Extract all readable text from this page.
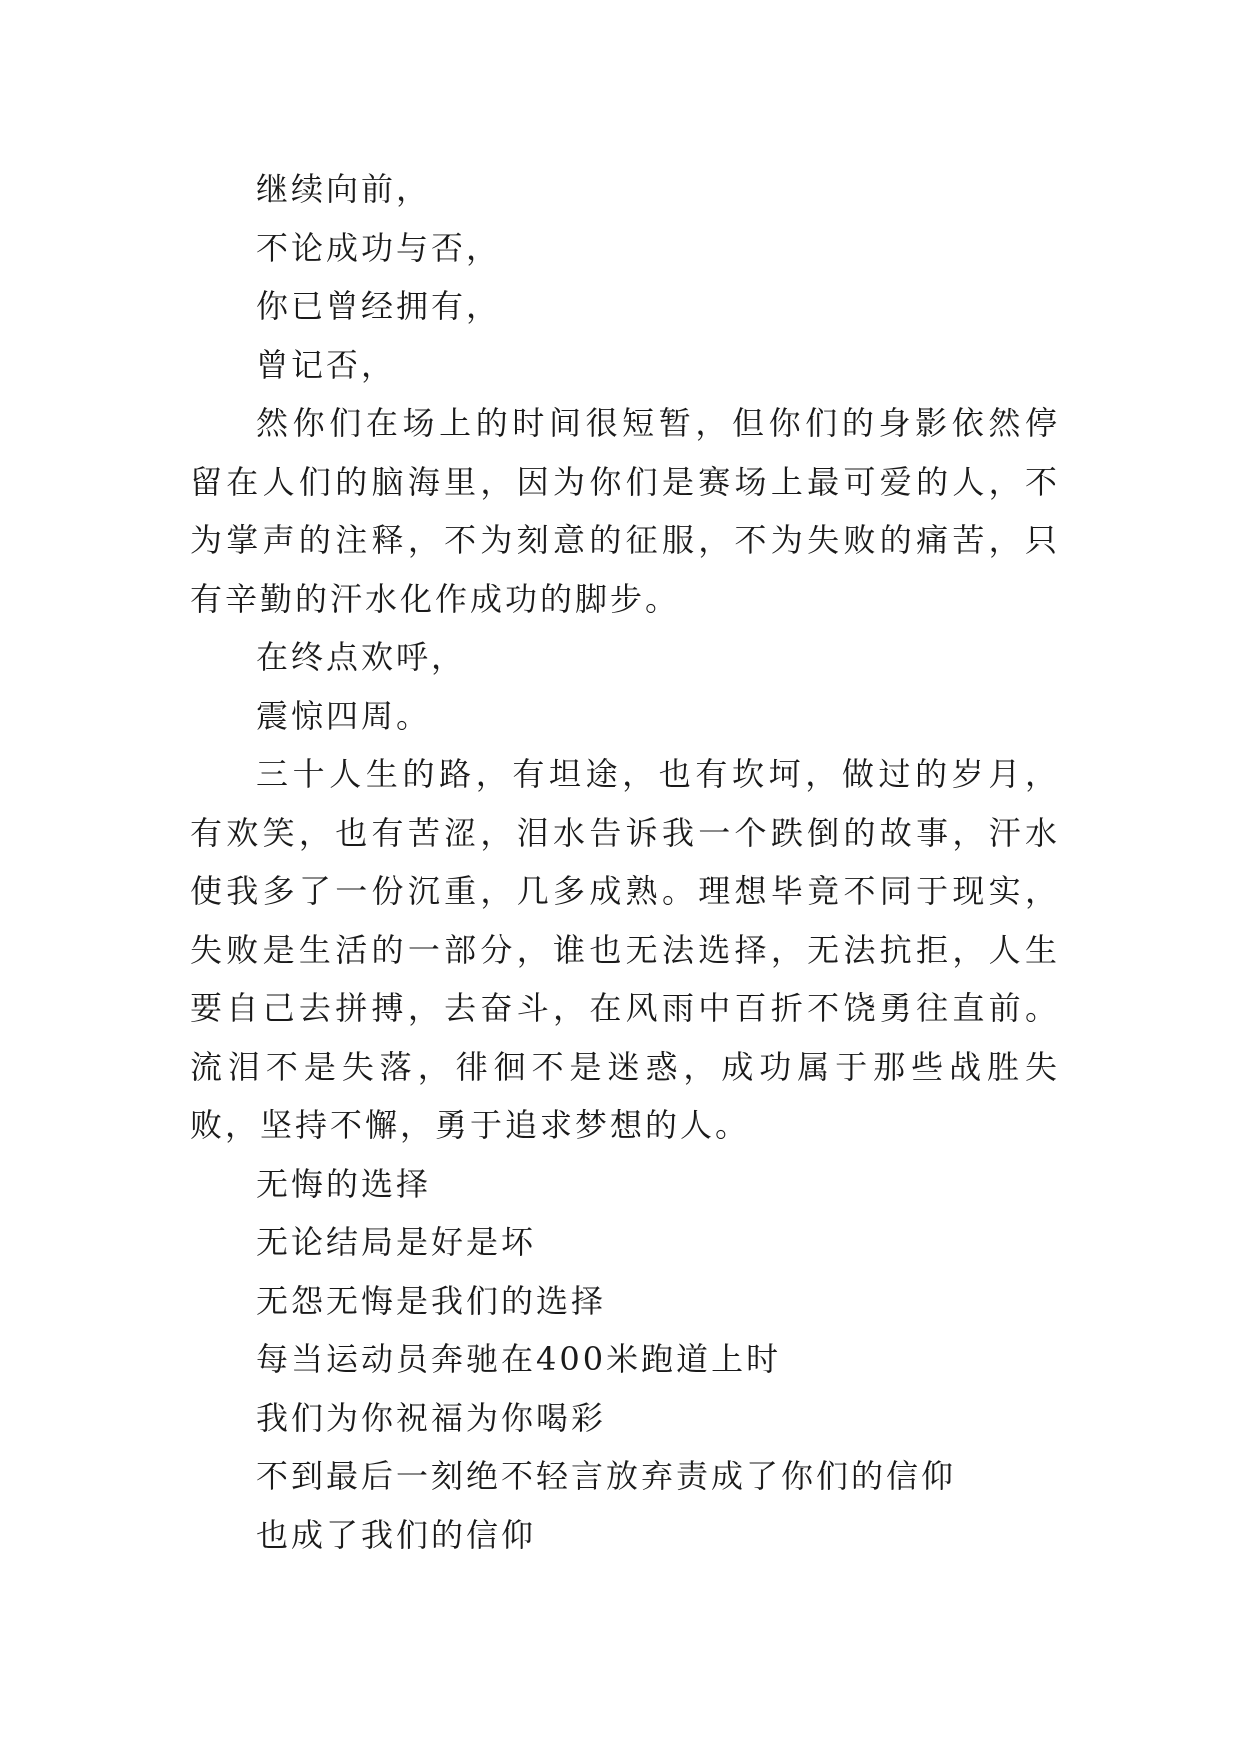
继续向前，

不论成功与否，

你已曾经拥有，

曾记否，

然你们在场上的时间很短暂，但你们的身影依然停留在人们的脑海里，因为你们是赛场上最可爱的人，不为掌声的注释，不为刻意的征服，不为失败的痛苦，只有辛勤的汗水化作成功的脚步。

在终点欢呼，

震惊四周。

三十人生的路，有坦途，也有坎坷，做过的岁月，有欢笑，也有苦涩，泪水告诉我一个跌倒的故事，汗水使我多了一份沉重，几多成熟。理想毕竟不同于现实，失败是生活的一部分，谁也无法选择，无法抗拒，人生要自己去拼搏，去奋斗，在风雨中百折不饶勇往直前。流泪不是失落，徘徊不是迷惑，成功属于那些战胜失败，坚持不懈，勇于追求梦想的人。

无悔的选择

无论结局是好是坏

无怨无悔是我们的选择

每当运动员奔驰在400米跑道上时

我们为你祝福为你喝彩

不到最后一刻绝不轻言放弃责成了你们的信仰

也成了我们的信仰
